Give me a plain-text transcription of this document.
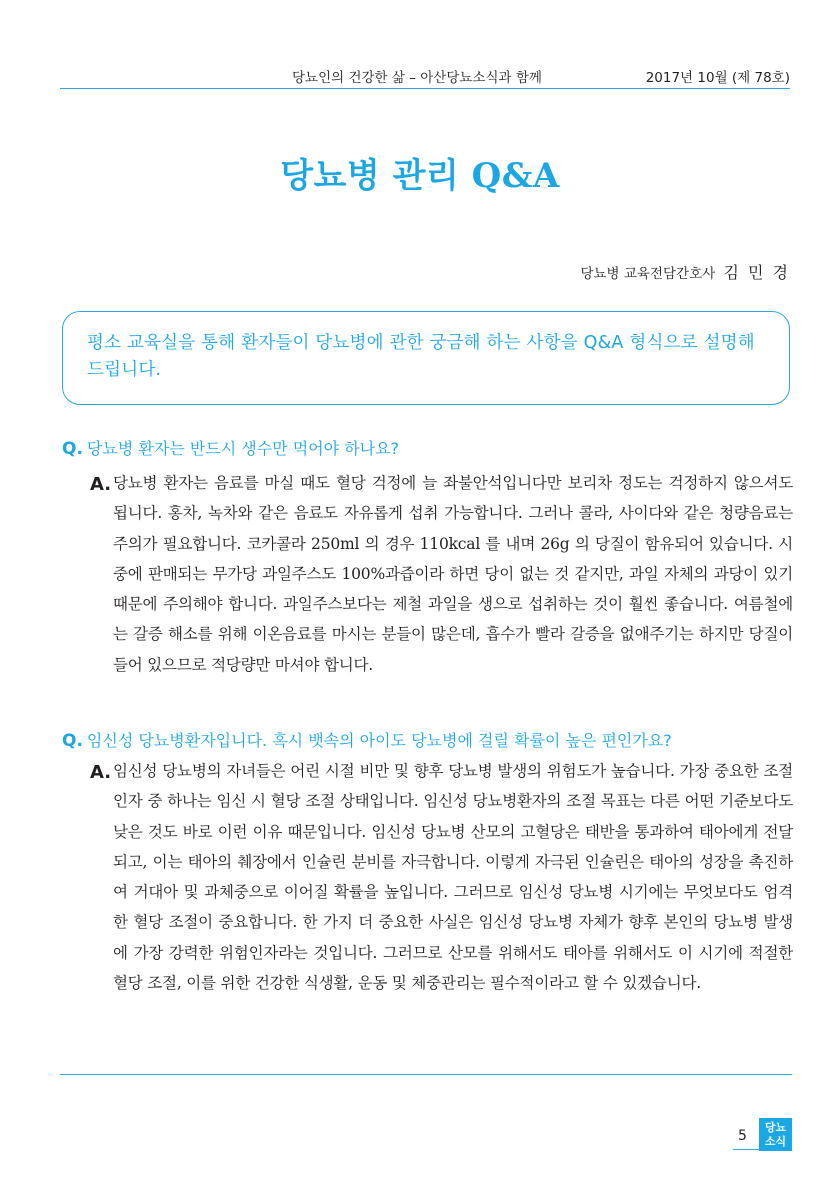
당뇨인의 건강한 삶 – 아산당뇨소식과 함께	2017년 10월 (제 78호)
당뇨병 관리 Q&A
당뇨병 교육전담간호사 김 민 경
평소 교육실을 통해 환자들이 당뇨병에 관한 궁금해 하는 사항을 Q&A 형식으로 설명해 드립니다.
Q. 당뇨병 환자는 반드시 생수만 먹어야 하나요?
A. 당뇨병 환자는 음료를 마실 때도 혈당 걱정에 늘 좌불안석입니다만 보리차 정도는 걱정하지 않으셔도 됩니다. 홍차, 녹차와 같은 음료도 자유롭게 섭취 가능합니다. 그러나 콜라, 사이다와 같은 청량음료는 주의가 필요합니다. 코카콜라 250ml 의 경우 110kcal 를 내며 26g 의 당질이 함유되어 있습니다. 시중에 판매되는 무가당 과일주스도 100%과즙이라 하면 당이 없는 것 같지만, 과일 자체의 과당이 있기 때문에 주의해야 합니다. 과일주스보다는 제철 과일을 생으로 섭취하는 것이 훨씬 좋습니다. 여름철에는 갈증 해소를 위해 이온음료를 마시는 분들이 많은데, 흡수가 빨라 갈증을 없애주기는 하지만 당질이 들어 있으므로 적당량만 마셔야 합니다.
Q. 임신성 당뇨병환자입니다. 혹시 뱃속의 아이도 당뇨병에 걸릴 확률이 높은 편인가요?
A. 임신성 당뇨병의 자녀들은 어린 시절 비만 및 향후 당뇨병 발생의 위험도가 높습니다. 가장 중요한 조절 인자 중 하나는 임신 시 혈당 조절 상태입니다. 임신성 당뇨병환자의 조절 목표는 다른 어떤 기준보다도 낮은 것도 바로 이런 이유 때문입니다. 임신성 당뇨병 산모의 고혈당은 태반을 통과하여 태아에게 전달되고, 이는 태아의 췌장에서 인슐린 분비를 자극합니다. 이렇게 자극된 인슐린은 태아의 성장을 촉진하여 거대아 및 과체중으로 이어질 확률을 높입니다. 그러므로 임신성 당뇨병 시기에는 무엇보다도 엄격한 혈당 조절이 중요합니다. 한 가지 더 중요한 사실은 임신성 당뇨병 자체가 향후 본인의 당뇨병 발생에 가장 강력한 위험인자라는 것입니다. 그러므로 산모를 위해서도 태아를 위해서도 이 시기에 적절한 혈당 조절, 이를 위한 건강한 식생활, 운동 및 체중관리는 필수적이라고 할 수 있겠습니다.
5
당뇨
소식
